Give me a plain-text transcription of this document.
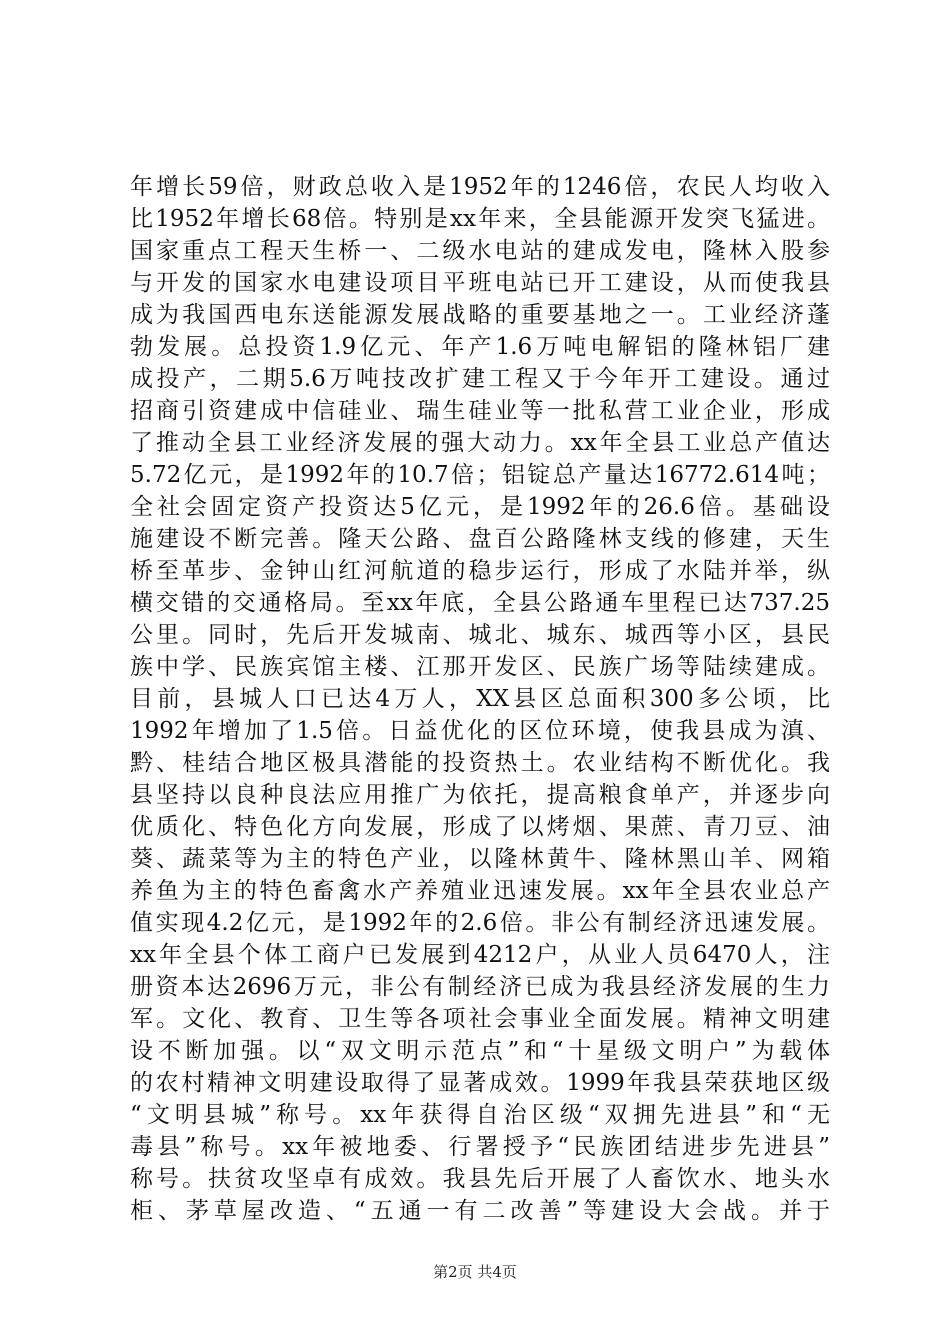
年增长59倍，财政总收入是1952年的1246倍，农民人均收入
比1952年增长68倍。特别是xx年来，全县能源开发突飞猛进。
国家重点工程天生桥一、二级水电站的建成发电，隆林入股参
与开发的国家水电建设项目平班电站已开工建设，从而使我县
成为我国西电东送能源发展战略的重要基地之一。工业经济蓬
勃发展。总投资1.9亿元、年产1.6万吨电解铝的隆林铝厂建
成投产，二期5.6万吨技改扩建工程又于今年开工建设。通过
招商引资建成中信硅业、瑞生硅业等一批私营工业企业，形成
了推动全县工业经济发展的强大动力。xx年全县工业总产值达
5.72亿元，是1992年的10.7倍；铝锭总产量达16772.614吨；
全社会固定资产投资达5亿元，是1992年的26.6倍。基础设
施建设不断完善。隆天公路、盘百公路隆林支线的修建，天生
桥至革步、金钟山红河航道的稳步运行，形成了水陆并举，纵
横交错的交通格局。至xx年底，全县公路通车里程已达737.25
公里。同时，先后开发城南、城北、城东、城西等小区，县民
族中学、民族宾馆主楼、江那开发区、民族广场等陆续建成。
目前，县城人口已达4万人，XX县区总面积300多公顷，比
1992年增加了1.5倍。日益优化的区位环境，使我县成为滇、
黔、桂结合地区极具潜能的投资热土。农业结构不断优化。我
县坚持以良种良法应用推广为依托，提高粮食单产，并逐步向
优质化、特色化方向发展，形成了以烤烟、果蔗、青刀豆、油
葵、蔬菜等为主的特色产业，以隆林黄牛、隆林黑山羊、网箱
养鱼为主的特色畜禽水产养殖业迅速发展。xx年全县农业总产
值实现4.2亿元，是1992年的2.6倍。非公有制经济迅速发展。
xx年全县个体工商户已发展到4212户，从业人员6470人，注
册资本达2696万元，非公有制经济已成为我县经济发展的生力
军。文化、教育、卫生等各项社会事业全面发展。精神文明建
设不断加强。以“双文明示范点”和“十星级文明户”为载体
的农村精神文明建设取得了显著成效。1999年我县荣获地区级
“文明县城”称号。xx年获得自治区级“双拥先进县”和“无
毒县”称号。xx年被地委、行署授予“民族团结进步先进县”
称号。扶贫攻坚卓有成效。我县先后开展了人畜饮水、地头水
柜、茅草屋改造、“五通一有二改善”等建设大会战。并于
第2页 共4页
